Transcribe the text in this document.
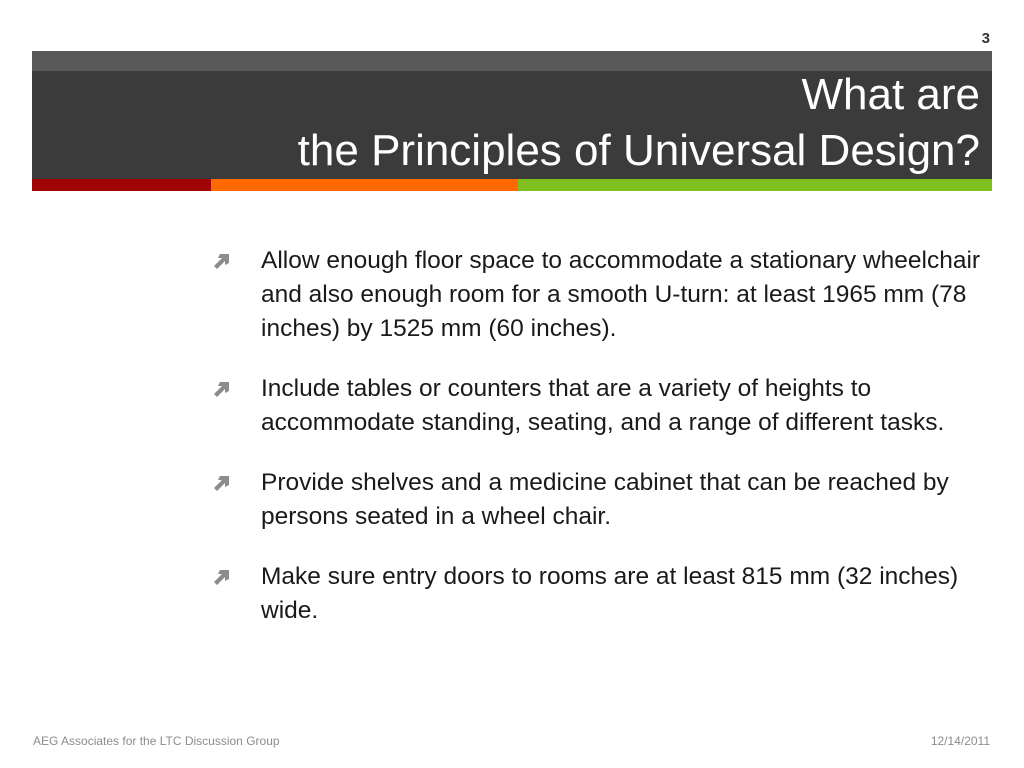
3
What are
the Principles of Universal Design?
Allow enough floor space to accommodate a stationary wheelchair and also enough room for a smooth U-turn: at least 1965 mm (78 inches) by 1525 mm (60 inches).
Include tables or counters that are a variety of heights to accommodate standing, seating, and a range of different tasks.
Provide shelves and a medicine cabinet that can be reached by persons seated in a wheel chair.
Make sure entry doors to rooms are at least 815 mm (32 inches) wide.
AEG Associates for the LTC Discussion Group	12/14/2011
